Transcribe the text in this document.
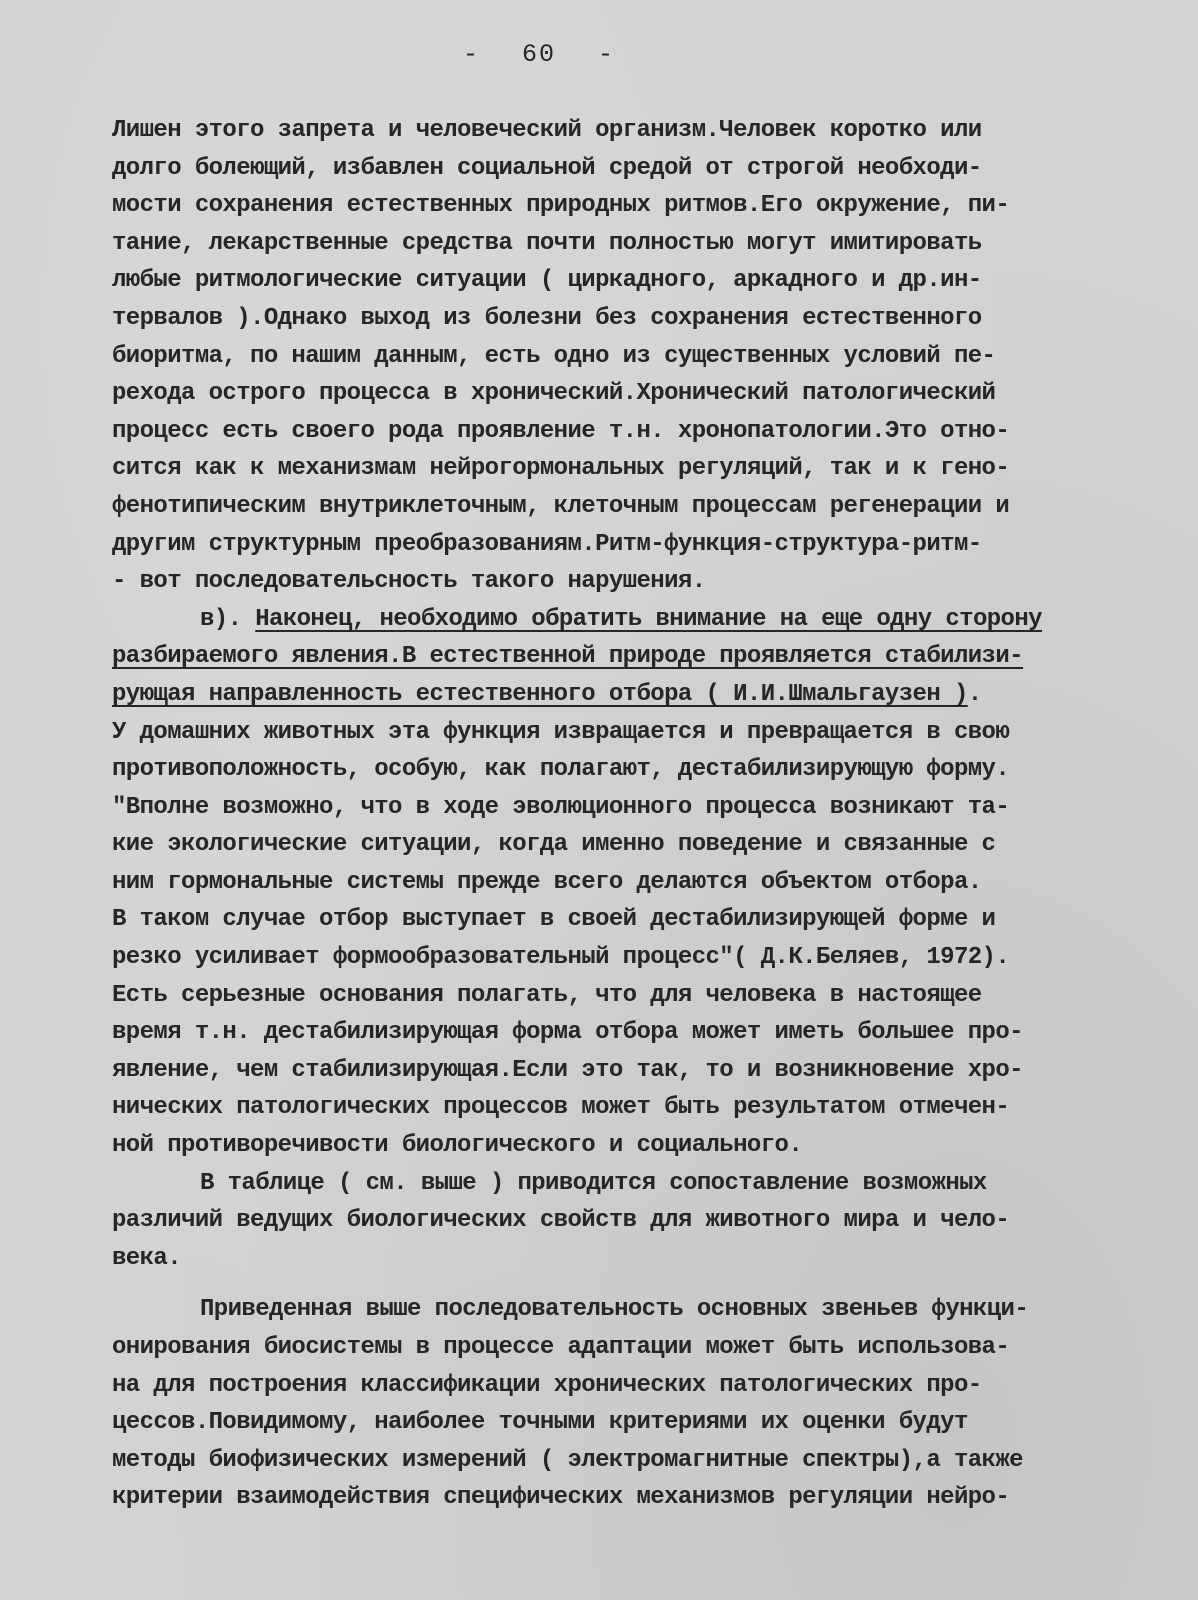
- 60 -
Лишен этого запрета и человеческий организм.Человек коротко или
долго болеющий, избавлен социальной средой от строгой необходи-
мости сохранения естественных природных ритмов.Его окружение, пи-
тание, лекарственные средства почти полностью могут имитировать
любые ритмологические ситуации ( циркадного, аркадного и др.ин-
тервалов ).Однако выход из болезни без сохранения естественного
биоритма, по нашим данным, есть одно из существенных условий пе-
рехода острого процесса в хронический.Хронический патологический
процесс есть своего рода проявление т.н. хронопатологии.Это отно-
сится как к механизмам нейрогормональных регуляций, так и к гено-
фенотипическим внутриклеточным, клеточным процессам регенерации и
другим структурным преобразованиям.Ритм-функция-структура-ритм-
- вот последовательсность такого нарушения.
в). Наконец, необходимо обратить внимание на еще одну сторону
разбираемого явления.В естественной природе проявляется стабилизи-
рующая направленность естественного отбора ( И.И.Шмальгаузен ).
У домашних животных эта функция извращается и превращается в свою
противоположность, особую, как полагают, дестабилизирующую форму.
"Вполне возможно, что в ходе эволюционного процесса возникают та-
кие экологические ситуации, когда именно поведение и связанные с
ним гормональные системы прежде всего делаются объектом отбора.
В таком случае отбор выступает в своей дестабилизирующей форме и
резко усиливает формообразовательный процесс"( Д.К.Беляев, 1972).
Есть серьезные основания полагать, что для человека в настоящее
время т.н. дестабилизирующая форма отбора может иметь большее про-
явление, чем стабилизирующая.Если это так, то и возникновение хро-
нических патологических процессов может быть результатом отмечен-
ной противоречивости биологического и социального.
В таблице ( см. выше ) приводится сопоставление возможных
различий ведущих биологических свойств для животного мира и чело-
века.
Приведенная выше последовательность основных звеньев функци-
онирования биосистемы в процессе адаптации может быть использова-
на для построения классификации хронических патологических про-
цессов.Повидимому, наиболее точными критериями их оценки будут
методы биофизических измерений ( электромагнитные спектры),а также
критерии взаимодействия специфических механизмов регуляции нейро-
